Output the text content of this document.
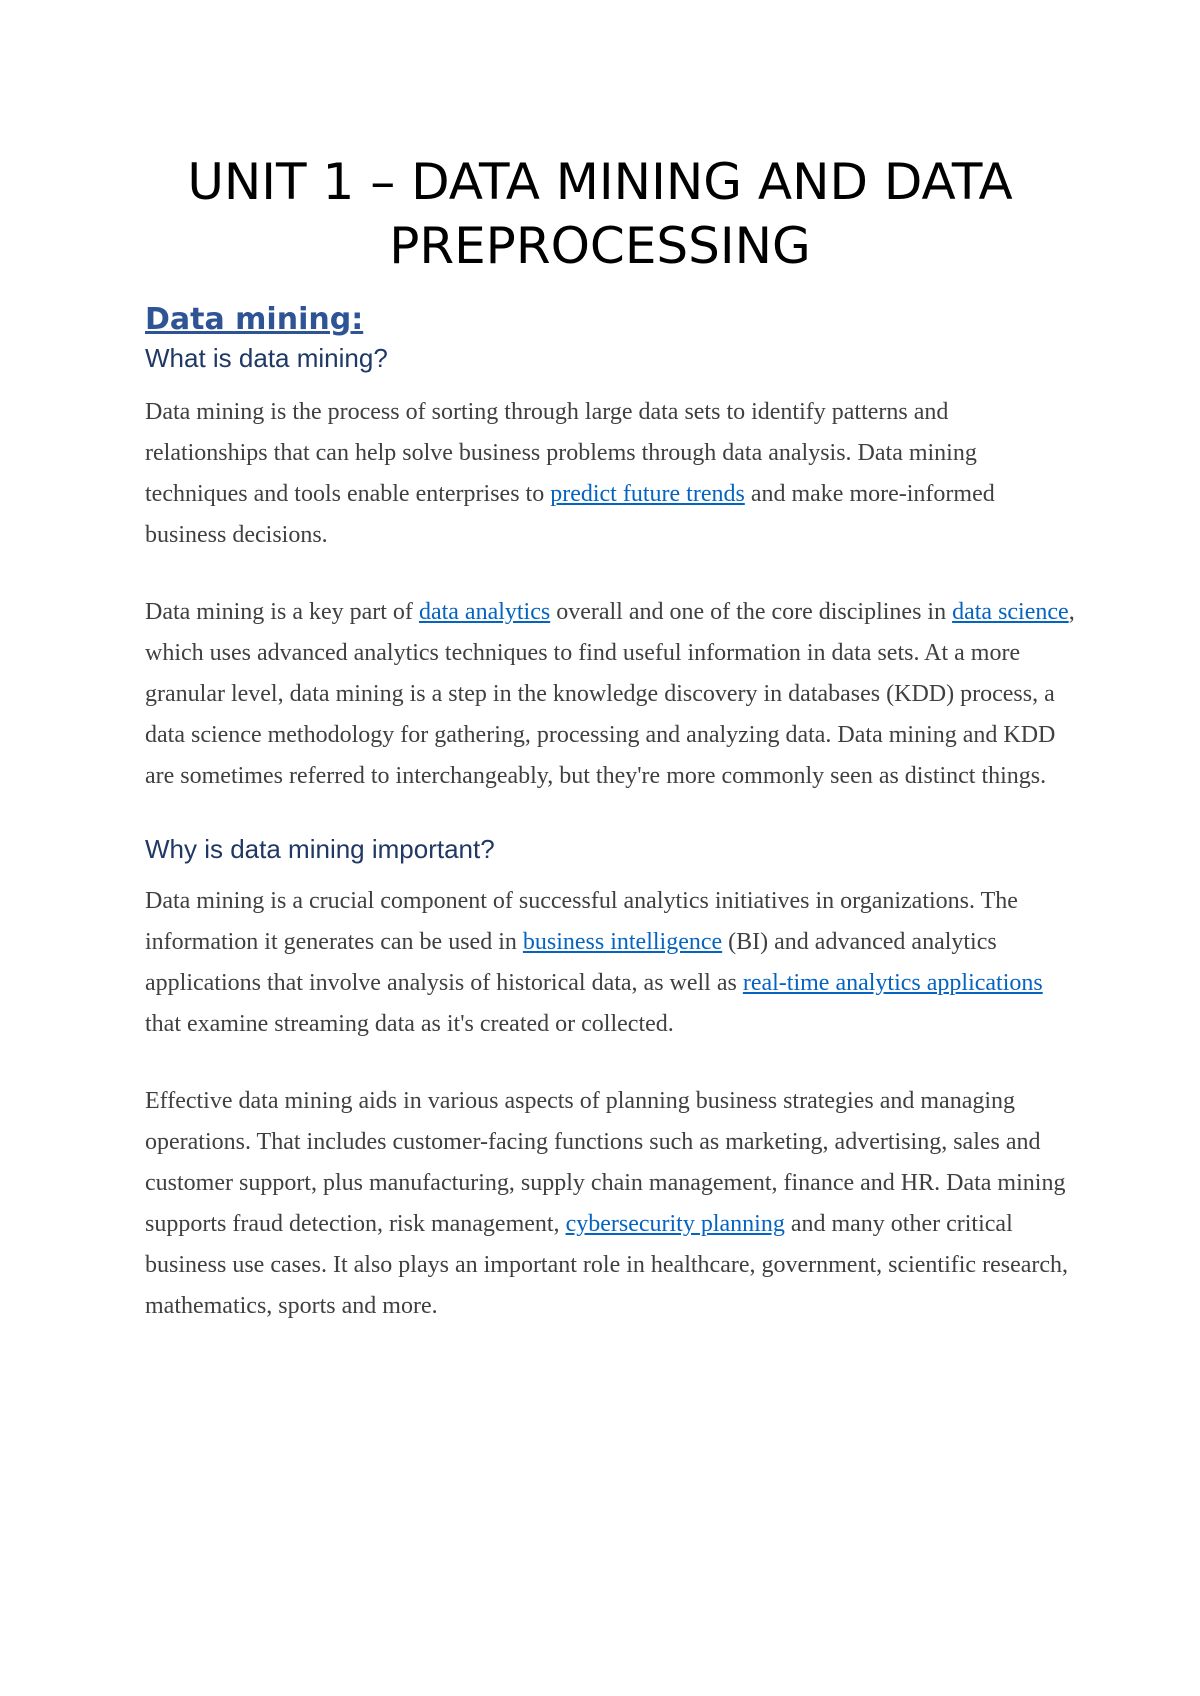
UNIT 1 – DATA MINING AND DATA
PREPROCESSING
Data mining:
What is data mining?

Data mining is the process of sorting through large data sets to identify patterns and relationships that can help solve business problems through data analysis. Data mining techniques and tools enable enterprises to predict future trends and make more-informed business decisions.

Data mining is a key part of data analytics overall and one of the core disciplines in data science, which uses advanced analytics techniques to find useful information in data sets. At a more granular level, data mining is a step in the knowledge discovery in databases (KDD) process, a data science methodology for gathering, processing and analyzing data. Data mining and KDD are sometimes referred to interchangeably, but they're more commonly seen as distinct things.

Why is data mining important?

Data mining is a crucial component of successful analytics initiatives in organizations. The information it generates can be used in business intelligence (BI) and advanced analytics applications that involve analysis of historical data, as well as real-time analytics applications that examine streaming data as it's created or collected.

Effective data mining aids in various aspects of planning business strategies and managing operations. That includes customer-facing functions such as marketing, advertising, sales and customer support, plus manufacturing, supply chain management, finance and HR. Data mining supports fraud detection, risk management, cybersecurity planning and many other critical business use cases. It also plays an important role in healthcare, government, scientific research, mathematics, sports and more.
